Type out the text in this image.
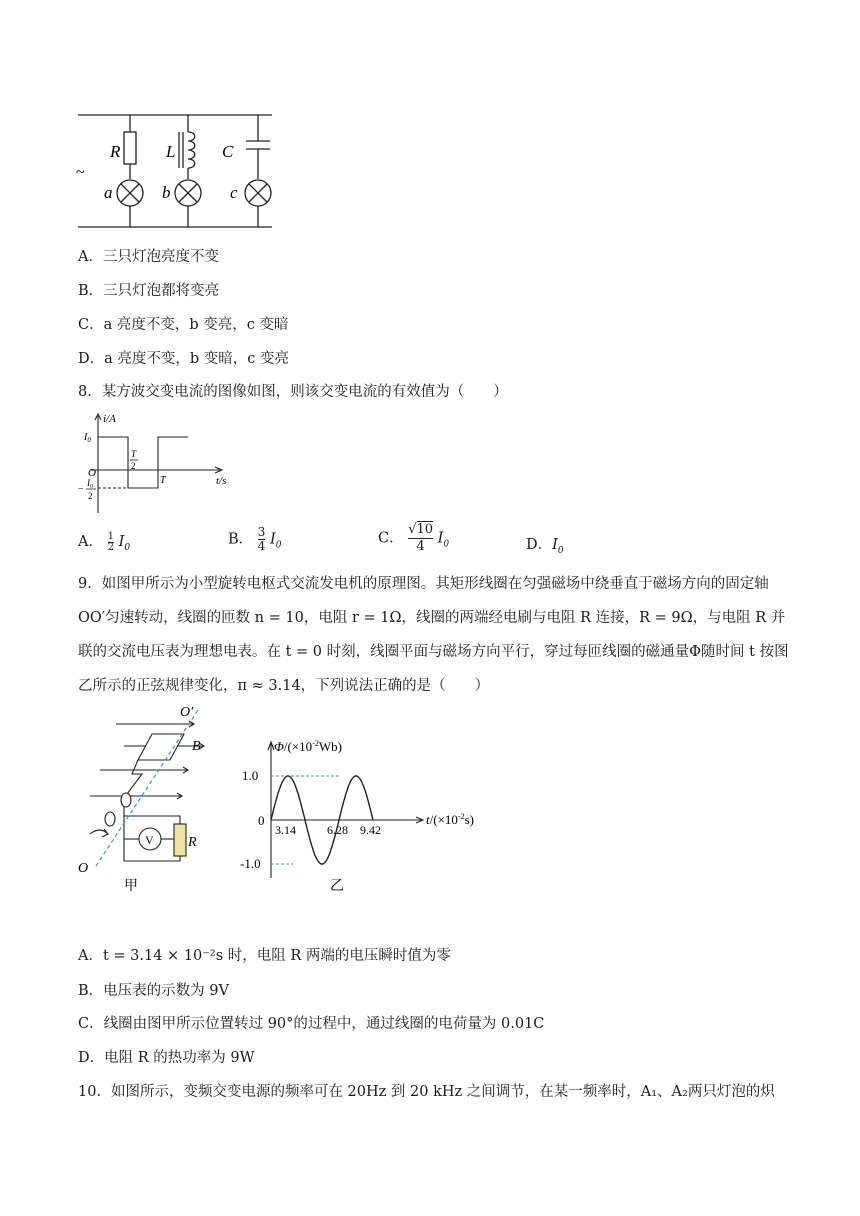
~
R	L	C
a	b	c
A．三只灯泡亮度不变
B．三只灯泡都将变亮
C．a 亮度不变，b 变亮，c 变暗
D．a 亮度不变，b 变暗，c 变亮
8．某方波交变电流的图像如图，则该交变电流的有效值为（　　）
i/A
t/s
O
$I_0$
−
$I_0$
2
T
2
T
A． 1

2 $I_0$
B． 3

4 $I_0$	C． √10

4 $I_0$	D．$I_0$
9．如图甲所示为小型旋转电枢式交流发电机的原理图。其矩形线圈在匀强磁场中绕垂直于磁场方向的固定轴 OO′匀速转动，线圈的匝数 n = 10，电阻 r = 1Ω，线圈的两端经电刷与电阻 R 连接，R = 9Ω，与电阻 R 并联的交流电压表为理想电表。在 t = 0 时刻，线圈平面与磁场方向平行，穿过每匝线圈的磁通量Φ随时间 t 按图乙所示的正弦规律变化，π ≈ 3.14，下列说法正确的是（　　）
O′
B
V R
O
甲
$\Phi/(\times 10^{-2}Wb)$
$t/(\times 10^{-2}s)$
1.0
0
-1.0
3.14	6.28 9.42
乙
A．t = 3.14 × 10⁻²s 时，电阻 R 两端的电压瞬时值为零
B．电压表的示数为 9V
C．线圈由图甲所示位置转过 90°的过程中，通过线圈的电荷量为 0.01C
D．电阻 R 的热功率为 9W
10．如图所示，变频交变电源的频率可在 20Hz 到 20 kHz 之间调节，在某一频率时，A₁、A₂两只灯泡的炽
